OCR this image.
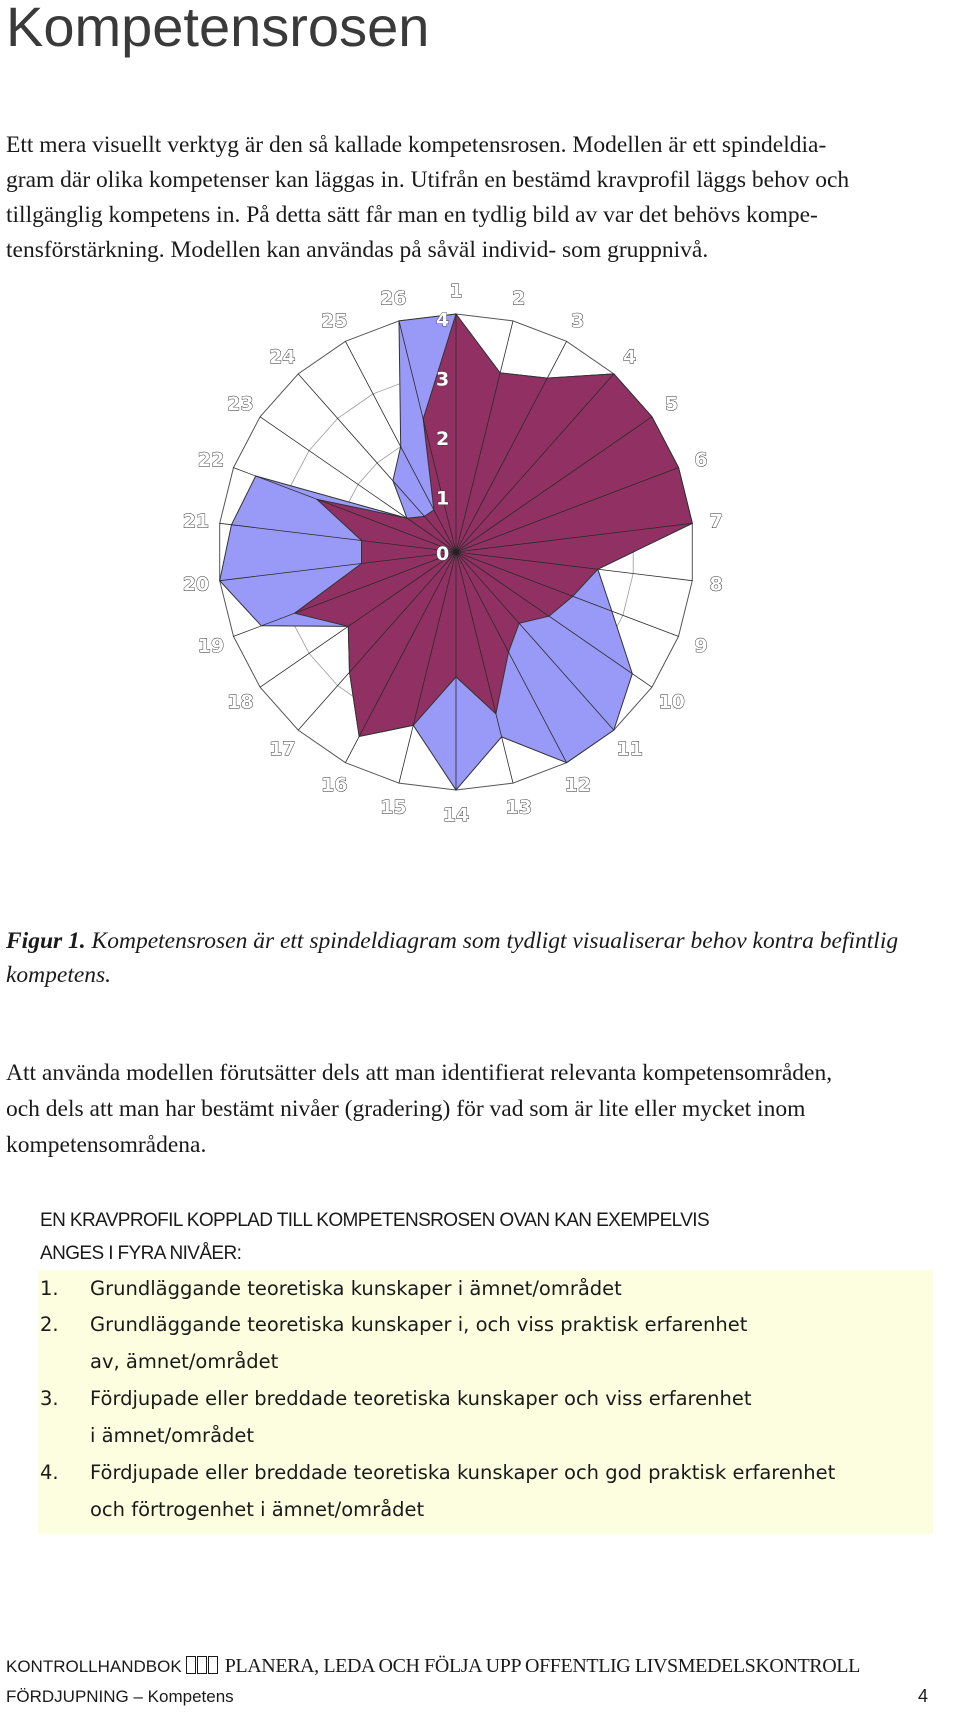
Kompetensrosen

Ett mera visuellt verktyg är den så kallade kompetensrosen. Modellen är ett spindeldia-
gram där olika kompetenser kan läggas in. Utifrån en bestämd kravprofil läggs behov och
tillgänglig kompetens in. På detta sätt får man en tydlig bild av var det behövs kompe-
tensförstärkning. Modellen kan användas på såväl individ- som gruppnivå.

0
1
2
3
4
1	2
3
4
5
6
7
8
9
10
11
12
13
14
15
16
17
18
19
20
21
22
23
24
25
26

Figur 1. Kompetensrosen är ett spindeldiagram som tydligt visualiserar behov kontra befintlig kompetens.

Att använda modellen förutsätter dels att man identifierat relevanta kompetensområden,
och dels att man har bestämt nivåer (gradering) för vad som är lite eller mycket inom
kompetensområdena.

EN KRAVPROFIL KOPPLAD TILL KOMPETENSROSEN OVAN KAN EXEMPELVIS
ANGES I FYRA NIVÅER:

1.	Grundläggande teoretiska kunskaper i ämnet/området
2.	Grundläggande teoretiska kunskaper i, och viss praktisk erfarenhet
av, ämnet/området
3.	Fördjupade eller breddade teoretiska kunskaper och viss erfarenhet
i ämnet/området
4.	Fördjupade eller breddade teoretiska kunskaper och god praktisk erfarenhet
och förtrogenhet i ämnet/området

KONTROLLHANDBOK PLANERA, LEDA OCH FÖLJA UPP OFFENTLIG LIVSMEDELSKONTROLL

FÖRDJUPNING – Kompetens	4
